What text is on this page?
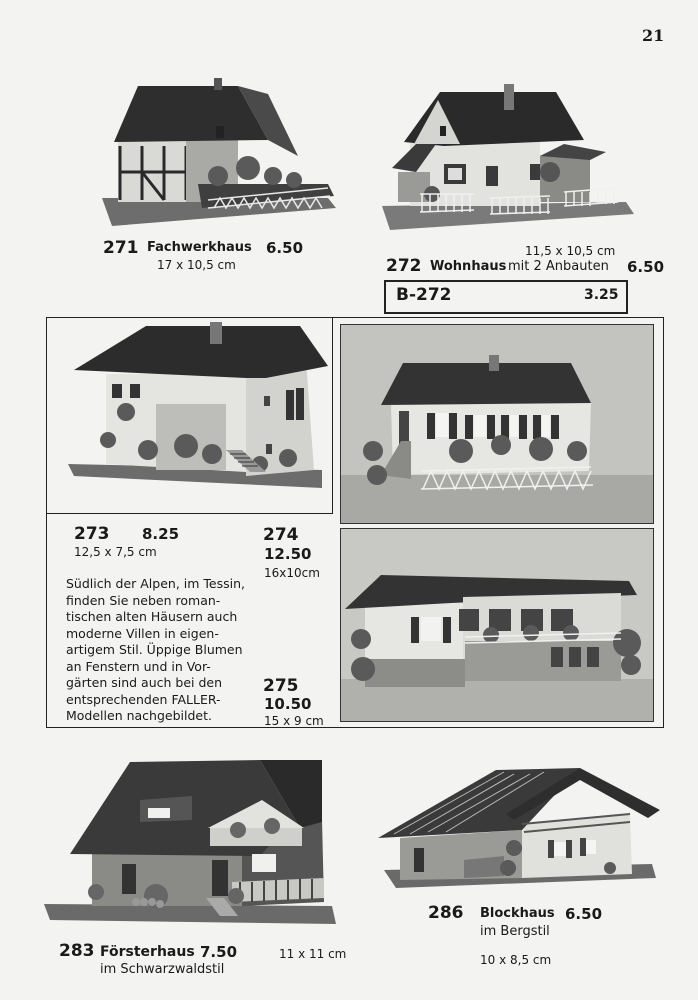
21
271 Fachwerkhaus 6.50
17 x 10,5 cm
11,5 x 10,5 cm
272 Wohnhaus mit 2 Anbauten 6.50
B-272	3.25
273 8.25
12,5 x 7,5 cm
274
12.50
16x10cm
Südlich der Alpen, im Tessin,
finden Sie neben roman-
tischen alten Häusern auch
moderne Villen in eigen-
artigem Stil. Üppige Blumen
an Fenstern und in Vor-
gärten sind auch bei den
entsprechenden FALLER-
Modellen nachgebildet.
275
10.50
15 x 9 cm
283 Försterhaus 7.50	11 x 11 cm
im Schwarzwaldstil
286 Blockhaus 6.50
im Bergstil
10 x 8,5 cm
